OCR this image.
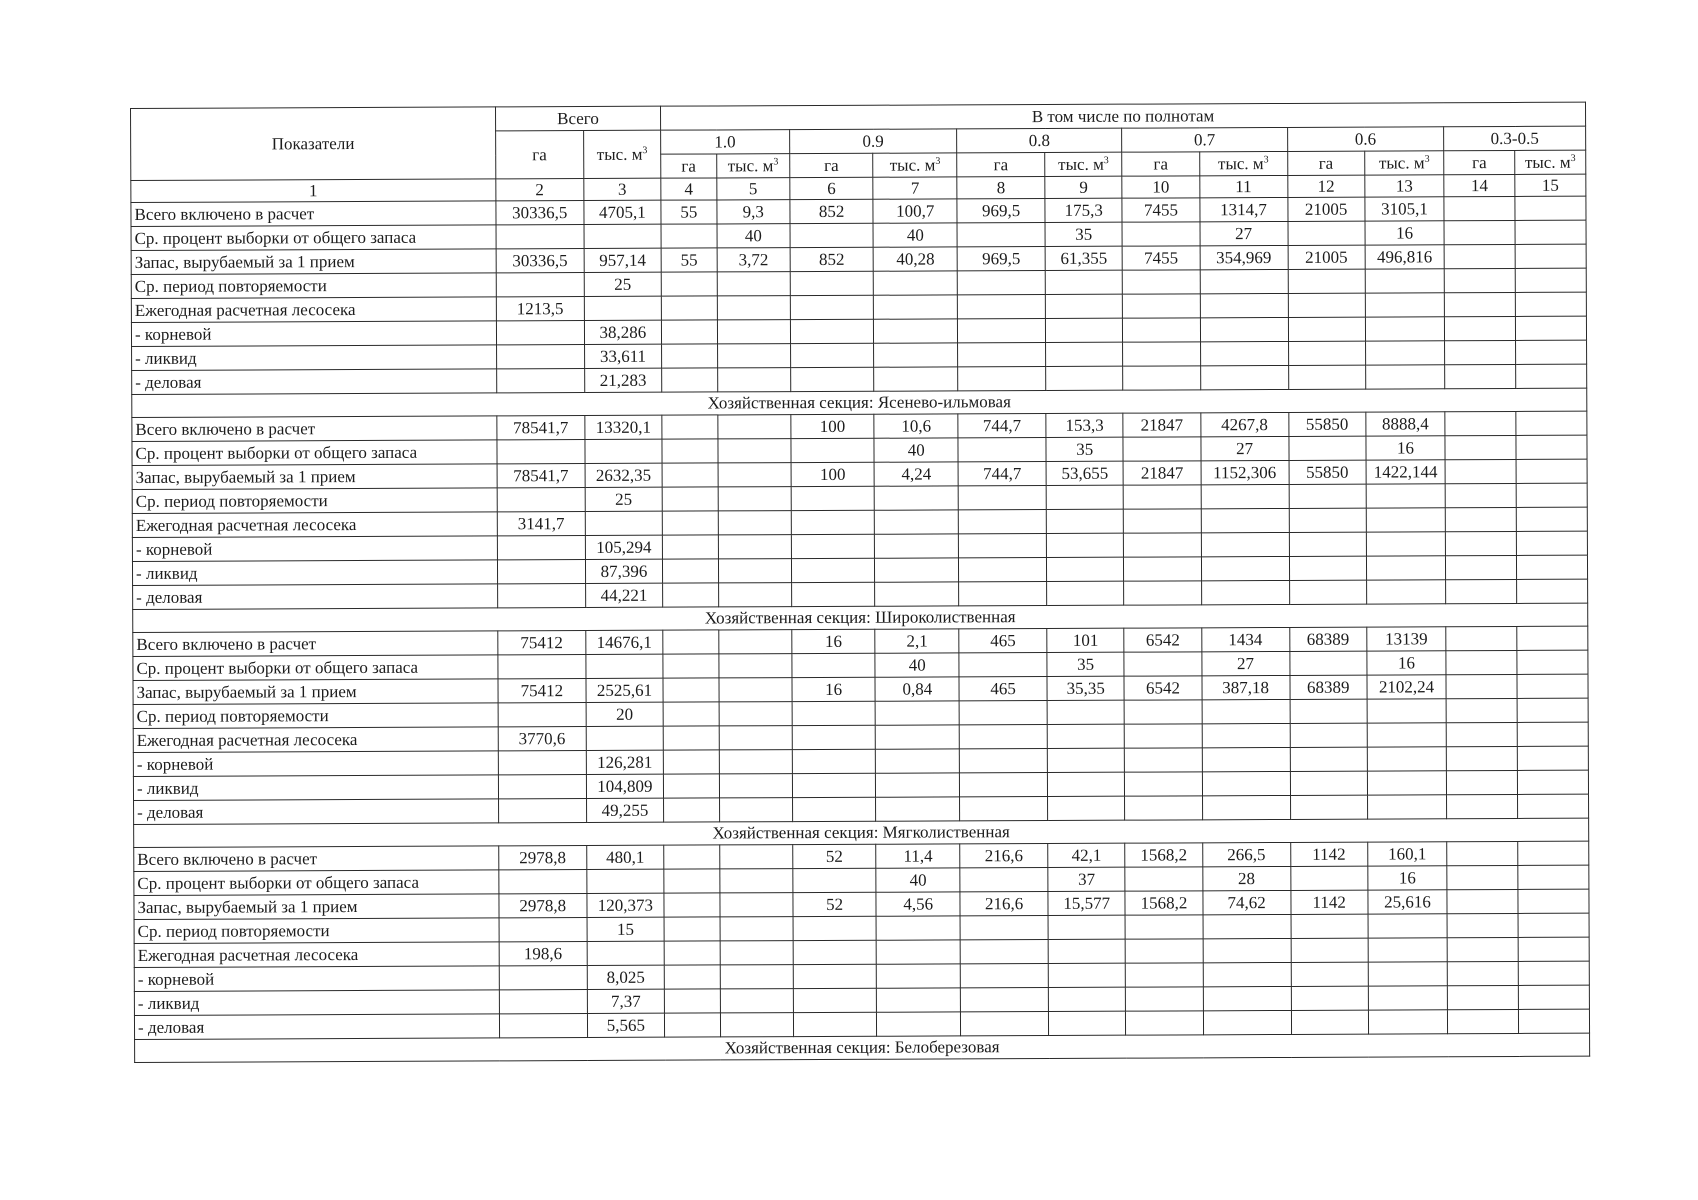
Показатели	Всего		В том числе по полнотам											
	га	тыс. $м^3$	1.0		0.9		0.8		0.7		0.6		0.3-0.5	
			га	тыс. $м^3$	га	тыс. $м^3$	га	тыс. $м^3$	га	тыс. $м^3$	га	тыс. $м^3$	га	тыс. $м^3$
1	2	3	4	5	6	7	8	9	10	11	12	13	14	15
Всего включено в расчет	30336,5	4705,1	55	9,3	852	100,7	969,5	175,3	7455	1314,7	21005	3105,1		
Ср. процент выборки от общего запаса				40		40		35		27		16		
Запас, вырубаемый за 1 прием	30336,5	957,14	55	3,72	852	40,28	969,5	61,355	7455	354,969	21005	496,816		
Ср. период повторяемости		25												
Ежегодная расчетная лесосека	1213,5													
- корневой		38,286												
- ликвид		33,611												
- деловая		21,283												
Хозяйственная секция: Ясенево-ильмовая														
Всего включено в расчет	78541,7	13320,1			100	10,6	744,7	153,3	21847	4267,8	55850	8888,4		
Ср. процент выборки от общего запаса						40		35		27		16		
Запас, вырубаемый за 1 прием	78541,7	2632,35			100	4,24	744,7	53,655	21847	1152,306	55850	1422,144		
Ср. период повторяемости		25												
Ежегодная расчетная лесосека	3141,7													
- корневой		105,294												
- ликвид		87,396												
- деловая		44,221												
Хозяйственная секция: Широколиственная														
Всего включено в расчет	75412	14676,1			16	2,1	465	101	6542	1434	68389	13139		
Ср. процент выборки от общего запаса						40		35		27		16		
Запас, вырубаемый за 1 прием	75412	2525,61			16	0,84	465	35,35	6542	387,18	68389	2102,24		
Ср. период повторяемости		20												
Ежегодная расчетная лесосека	3770,6													
- корневой		126,281												
- ликвид		104,809												
- деловая		49,255												
Хозяйственная секция: Мягколиственная														
Всего включено в расчет	2978,8	480,1			52	11,4	216,6	42,1	1568,2	266,5	1142	160,1		
Ср. процент выборки от общего запаса						40		37		28		16		
Запас, вырубаемый за 1 прием	2978,8	120,373			52	4,56	216,6	15,577	1568,2	74,62	1142	25,616		
Ср. период повторяемости		15												
Ежегодная расчетная лесосека	198,6													
- корневой		8,025												
- ликвид		7,37												
- деловая		5,565												
Хозяйственная секция: Белоберезовая														
